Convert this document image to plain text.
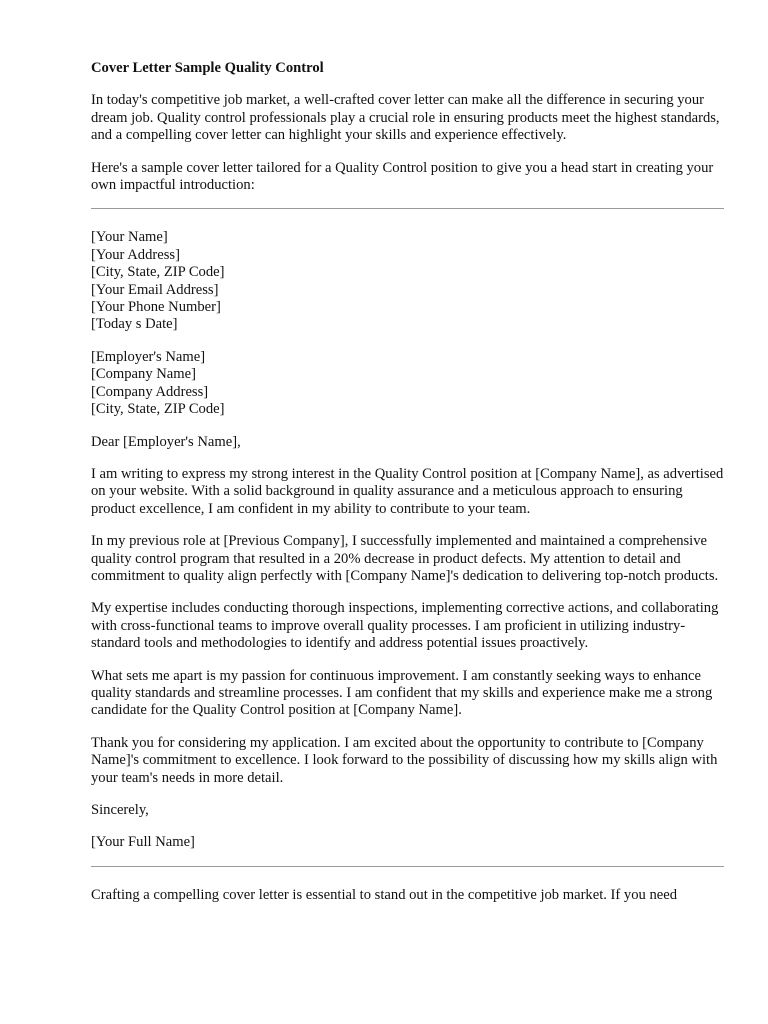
Cover Letter Sample Quality Control

In today's competitive job market, a well-crafted cover letter can make all the difference in securing your dream job. Quality control professionals play a crucial role in ensuring products meet the highest standards, and a compelling cover letter can highlight your skills and experience effectively.

Here's a sample cover letter tailored for a Quality Control position to give you a head start in creating your own impactful introduction:

[Your Name]
[Your Address]
[City, State, ZIP Code]
[Your Email Address]
[Your Phone Number]
[Today s Date]
[Employer's Name]
[Company Name]
[Company Address]
[City, State, ZIP Code]

Dear [Employer's Name],

I am writing to express my strong interest in the Quality Control position at [Company Name], as advertised on your website. With a solid background in quality assurance and a meticulous approach to ensuring product excellence, I am confident in my ability to contribute to your team.

In my previous role at [Previous Company], I successfully implemented and maintained a comprehensive quality control program that resulted in a 20% decrease in product defects. My attention to detail and commitment to quality align perfectly with [Company Name]'s dedication to delivering top-notch products.

My expertise includes conducting thorough inspections, implementing corrective actions, and collaborating with cross-functional teams to improve overall quality processes. I am proficient in utilizing industry-standard tools and methodologies to identify and address potential issues proactively.

What sets me apart is my passion for continuous improvement. I am constantly seeking ways to enhance quality standards and streamline processes. I am confident that my skills and experience make me a strong candidate for the Quality Control position at [Company Name].

Thank you for considering my application. I am excited about the opportunity to contribute to [Company Name]'s commitment to excellence. I look forward to the possibility of discussing how my skills align with your team's needs in more detail.

Sincerely,

[Your Full Name]

Crafting a compelling cover letter is essential to stand out in the competitive job market. If you need
